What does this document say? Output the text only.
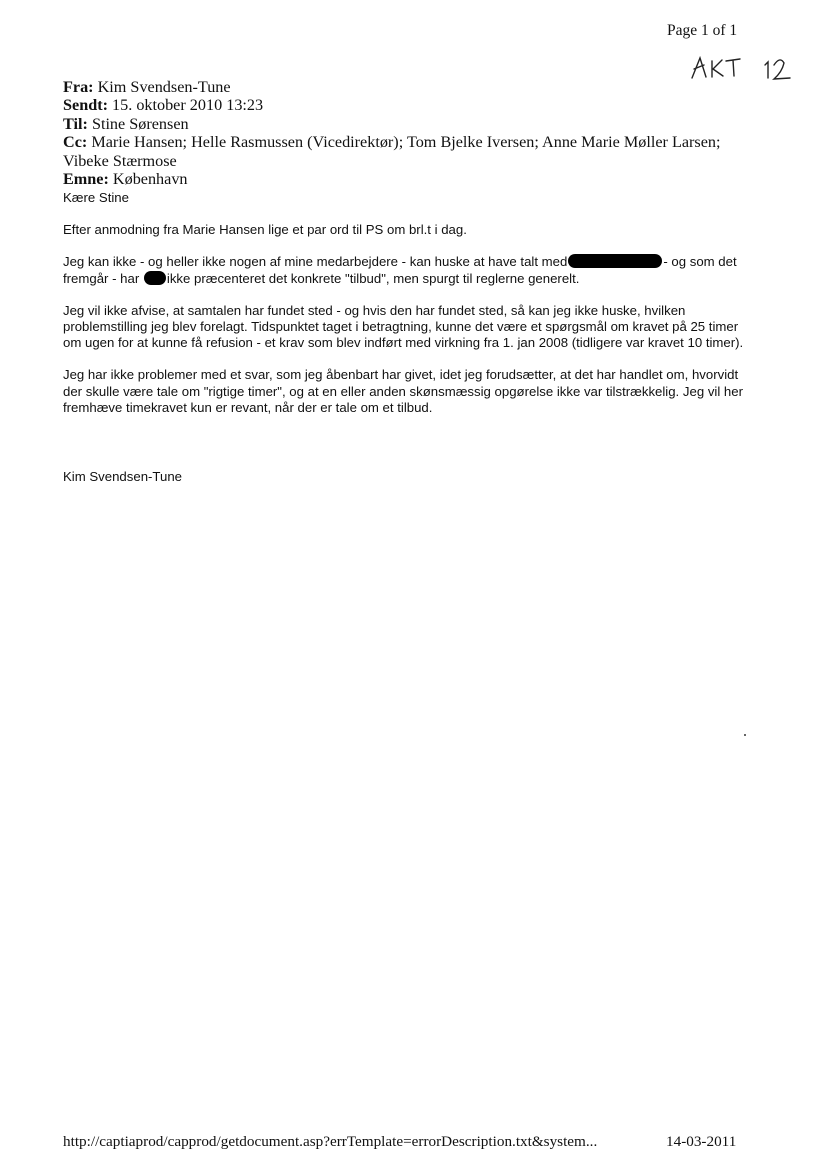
Page 1 of 1
Fra: Kim Svendsen-Tune
Sendt: 15. oktober 2010 13:23
Til: Stine Sørensen
Cc: Marie Hansen; Helle Rasmussen (Vicedirektør); Tom Bjelke Iversen; Anne Marie Møller Larsen; Vibeke Stærmose
Emne: København

Kære Stine

Efter anmodning fra Marie Hansen lige et par ord til PS om brl.t i dag.

Jeg kan ikke - og heller ikke nogen af mine medarbejdere - kan huske at have talt med	- og som det fremgår - har ikke præcenteret det konkrete "tilbud", men spurgt til reglerne generelt.

Jeg vil ikke afvise, at samtalen har fundet sted - og hvis den har fundet sted, så kan jeg ikke huske, hvilken problemstilling jeg blev forelagt. Tidspunktet taget i betragtning, kunne det være et spørgsmål om kravet på 25 timer om ugen for at kunne få refusion - et krav som blev indført med virkning fra 1. jan 2008 (tidligere var kravet 10 timer).

Jeg har ikke problemer med et svar, som jeg åbenbart har givet, idet jeg forudsætter, at det har handlet om, hvorvidt der skulle være tale om "rigtige timer", og at en eller anden skønsmæssig opgørelse ikke var tilstrækkelig. Jeg vil her fremhæve timekravet kun er revant, når der er tale om et tilbud.

Kim Svendsen-Tune
http://captiaprod/capprod/getdocument.asp?errTemplate=errorDescription.txt&system...	14-03-2011
